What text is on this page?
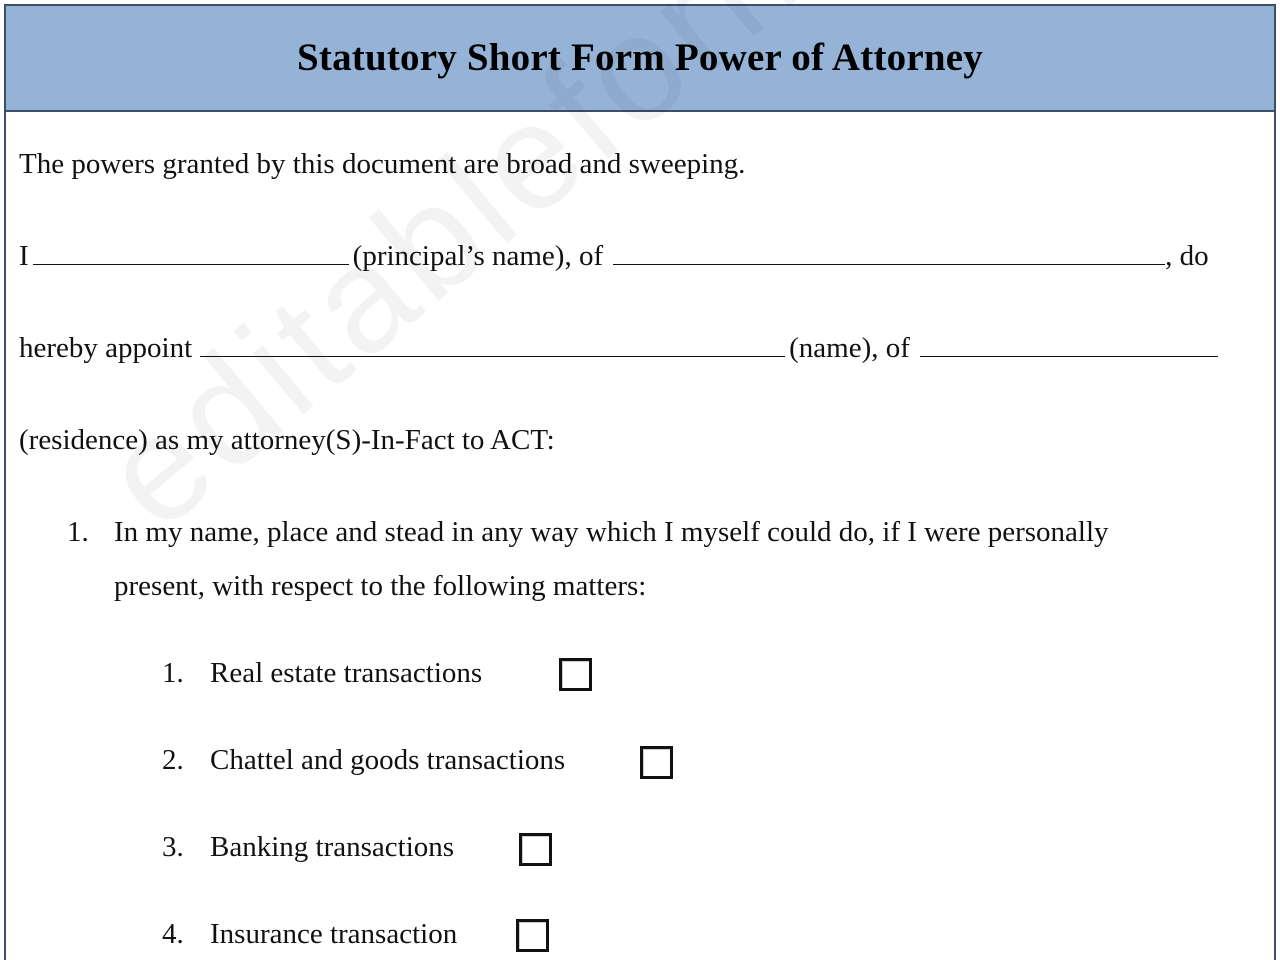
Statutory Short Form Power of Attorney
The powers granted by this document are broad and sweeping.
I	(principal’s name), of	, do
hereby appoint	(name), of
(residence) as my attorney(S)-In-Fact to ACT:
1. In my name, place and stead in any way which I myself could do, if I were personally
present, with respect to the following matters:
1. Real estate transactions
2. Chattel and goods transactions
3. Banking transactions
4. Insurance transaction
